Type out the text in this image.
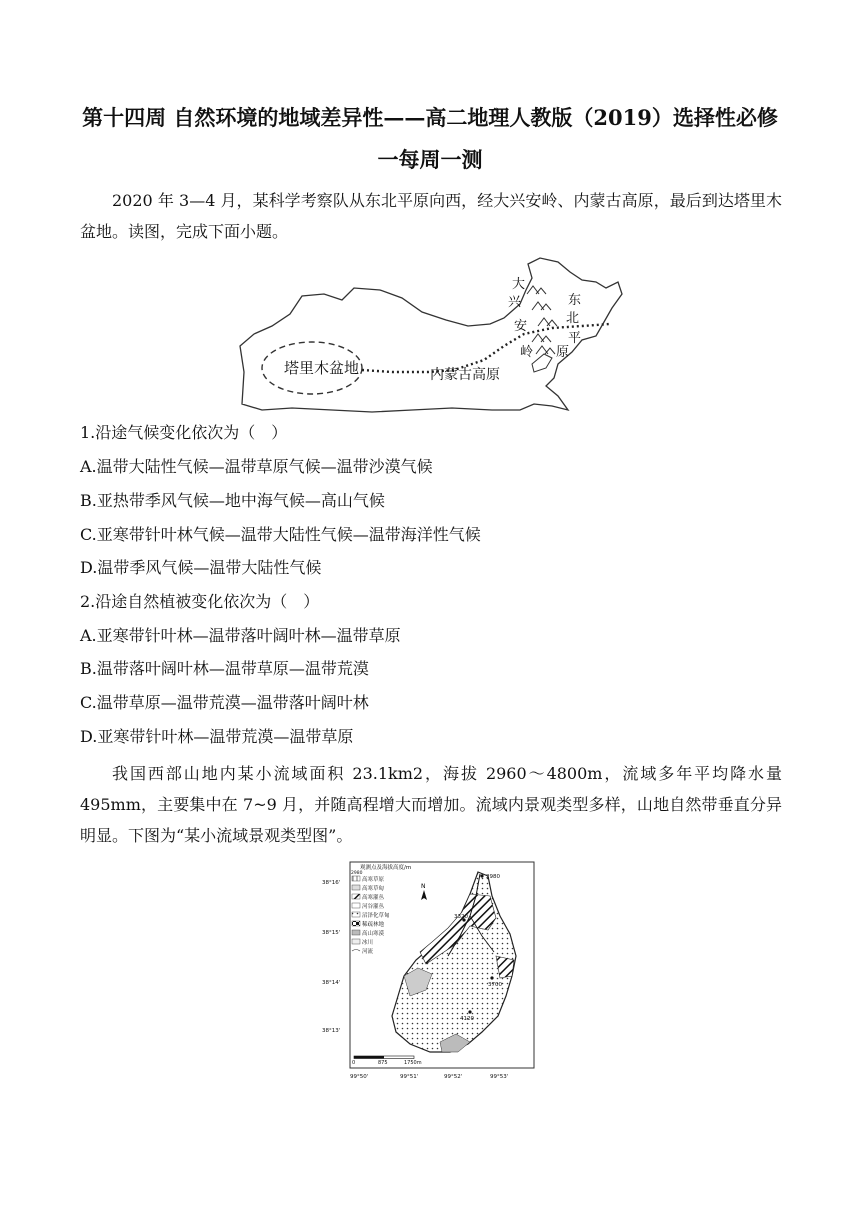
第十四周 自然环境的地域差异性——高二地理人教版（2019）选择性必修
一每周一测
2020 年 3—4 月，某科学考察队从东北平原向西，经大兴安岭、内蒙古高原，最后到达塔里木盆地。读图，完成下面小题。
塔里木盆地	内蒙古高原
大
兴
安
岭
东
北
平
原
1.沿途气候变化依次为（　）
A.温带大陆性气候—温带草原气候—温带沙漠气候
B.亚热带季风气候—地中海气候—高山气候
C.亚寒带针叶林气候—温带大陆性气候—温带海洋性气候
D.温带季风气候—温带大陆性气候
2.沿途自然植被变化依次为（　）
A.亚寒带针叶林—温带落叶阔叶林—温带草原
B.温带落叶阔叶林—温带草原—温带荒漠
C.温带草原—温带荒漠—温带落叶阔叶林
D.亚寒带针叶林—温带荒漠—温带草原
我国西部山地内某小流域面积 23.1km2，海拔 2960～4800m，流域多年平均降水量495mm，主要集中在 7~9 月，并随高程增大而增加。流域内景观类型多样，山地自然带垂直分异明显。下图为“某小流域景观类型图”。
观测点及海拔高度/m
2980
高寒草原
高寒草甸
高寒灌丛
河谷灌丛
沼泽化草甸
稀疏林地
高山寒漠
冰川
河流
N
2980
3320
3700
4120
38°16'
38°15'
38°14'
38°13'
0	875	1750m
99°50'	99°51'	99°52'	99°53'
